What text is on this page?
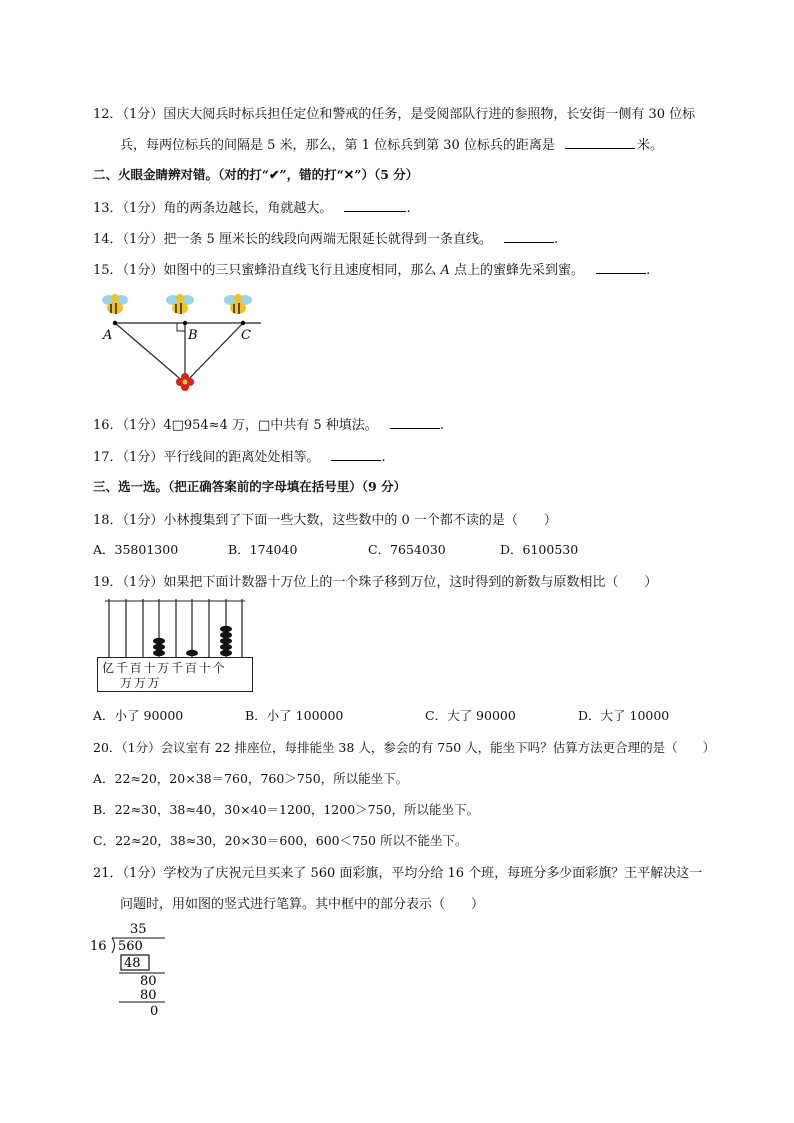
12．（1分）国庆大阅兵时标兵担任定位和警戒的任务，是受阅部队行进的参照物，长安街一侧有 30 位标
兵，每两位标兵的间隔是 5 米，那么，第 1 位标兵到第 30 位标兵的距离是	米。
二、火眼金睛辨对错。（对的打“✔”，错的打“✕”）（5 分）
13．（1分）角的两条边越长，角就越大。	.
14．（1分）把一条 5 厘米长的线段向两端无限延长就得到一条直线。	.
15．（1分）如图中的三只蜜蜂沿直线飞行且速度相同，那么 A 点上的蜜蜂先采到蜜。	.
A	B	C
16．（1分）4□954≈4 万，□中共有 5 种填法。	.
17．（1分）平行线间的距离处处相等。	.
三、选一选。（把正确答案前的字母填在括号里）（9 分）
18．（1分）小林搜集到了下面一些大数，这些数中的 0 一个都不读的是（　　）
A．35801300	B．174040	C．7654030	D．6100530
19．（1分）如果把下面计数器十万位上的一个珠子移到万位，这时得到的新数与原数相比（　　）
亿 千 百 十 万 千 百 十 个
万 万 万
A．小了 90000	B．小了 100000	C．大了 90000	D．大了 10000
20．（1分）会议室有 22 排座位，每排能坐 38 人，参会的有 750 人，能坐下吗？估算方法更合理的是（　　）
A．22≈20，20×38＝760，760＞750，所以能坐下。
B．22≈30，38≈40，30×40＝1200，1200＞750，所以能坐下。
C．22≈20，38≈30，20×30＝600，600＜750 所以不能坐下。
21．（1分）学校为了庆祝元旦买来了 560 面彩旗，平均分给 16 个班，每班分多少面彩旗？王平解决这一
问题时，用如图的竖式进行笔算。其中框中的部分表示（　　）
35
16 560
48
80
80
0
